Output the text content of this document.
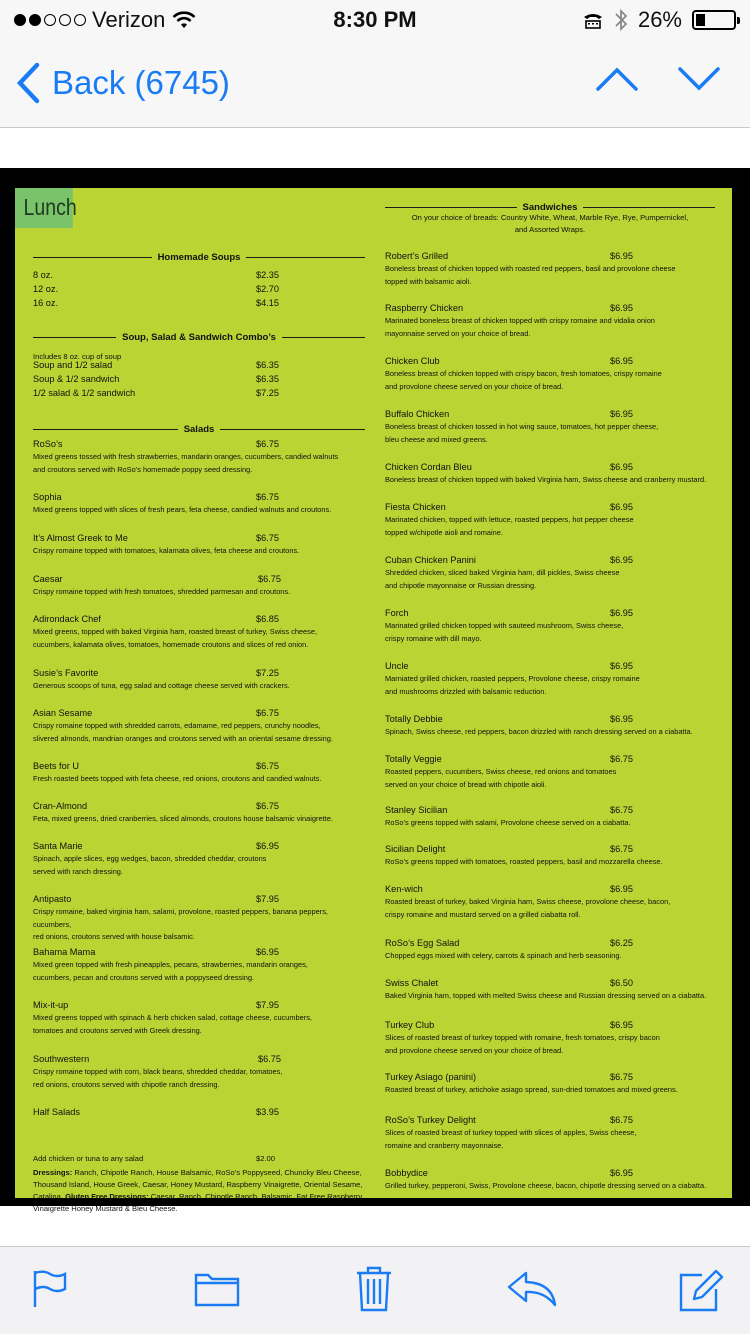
Verizon	8:30 PM	26%
Back (6745)
Lunch
Homemade Soups
8 oz.	$2.35
12 oz.	$2.70
16 oz.	$4.15
Soup, Salad & Sandwich Combo’s
Includes 8 oz. cup of soup
Soup and 1/2 salad	$6.35
Soup & 1/2 sandwich	$6.35
1/2 salad & 1/2 sandwich	$7.25
Salads
RoSo’s	$6.75
Mixed greens tossed with fresh strawberries, mandarin oranges, cucumbers, candied walnuts
and croutons served with RoSo’s homemade poppy seed dressing.
Sophia	$6.75
Mixed greens topped with slices of fresh pears, feta cheese, candied walnuts and croutons.
It’s Almost Greek to Me	$6.75
Crispy romaine topped with tomatoes, kalamata olives, feta cheese and croutons.
Caesar	$6.75
Crispy romaine topped with fresh tomatoes, shredded parmesan and croutons.
Adirondack Chef	$6.85
Mixed greens, topped with baked Virginia ham, roasted breast of turkey, Swiss cheese,
cucumbers, kalamata olives, tomatoes, homemade croutons and slices of red onion.
Susie’s Favorite	$7.25
Generous scoops of tuna, egg salad and cottage cheese served with crackers.
Asian Sesame	$6.75
Crispy romaine topped with shredded carrots, edamame, red peppers, crunchy noodles,
slivered almonds, mandrian oranges and croutons served with an oriental sesame dressing.
Beets for U	$6.75
Fresh roasted beets topped with feta cheese, red onions, croutons and candied walnuts.
Cran-Almond	$6.75
Feta, mixed greens, dried cranberries, sliced almonds, croutons house balsamic vinaigrette.
Santa Marie	$6.95
Spinach, apple slices, egg wedges, bacon, shredded cheddar, croutons
served with ranch dressing.
Antipasto	$7.95
Crispy romaine, baked virginia ham, salami, provolone, roasted peppers, banana peppers, cucumbers,
red onions, croutons served with house balsamic.
Bahama Mama	$6.95
Mixed green topped with fresh pineapples, pecans, strawberries, mandarin oranges,
cucumbers, pecan and croutons served with a poppyseed dressing.
Mix-it-up	$7.95
Mixed greens topped with spinach & herb chicken salad, cottage cheese, cucumbers,
tomatoes and croutons served with Greek dressing.
Southwestern	$6.75
Crispy romaine topped with corn, black beans, shredded cheddar, tomatoes,
red onions, croutons served with chipotle ranch dressing.
Half Salads	$3.95
Add chicken or tuna to any salad	$2.00
Dressings: Ranch, Chipotle Ranch, House Balsamic, RoSo’s Poppyseed, Chuncky Bleu Cheese,
Thousand Island, House Greek, Caesar, Honey Mustard, Raspberry Vinaigrette, Oriental Sesame,
Catalina. Gluten Free Dressings: Caesar, Ranch, Chipotle Ranch, Balsamic, Fat Free Raspberry
Vinaigrette Honey Mustard & Bleu Cheese.
Sandwiches
On your choice of breads: Country White, Wheat, Marble Rye, Rye, Pumpernickel,
and Assorted Wraps.
Robert’s Grilled	$6.95
Boneless breast of chicken topped with roasted red peppers, basil and provolone cheese
topped with balsamic aioli.
Raspberry Chicken	$6.95
Marinated boneless breast of chicken topped with crispy romaine and vidalia onion
mayonnaise served on your choice of bread.
Chicken Club	$6.95
Boneless breast of chicken topped with crispy bacon, fresh tomatoes, crispy romaine
and provolone cheese served on your choice of bread.
Buffalo Chicken	$6.95
Boneless breast of chicken tossed in hot wing sauce, tomatoes, hot pepper cheese,
bleu cheese and mixed greens.
Chicken Cordan Bleu	$6.95
Boneless breast of chicken topped with baked Virginia ham, Swiss cheese and cranberry mustard.
Fiesta Chicken	$6.95
Marinated chicken, topped with lettuce, roasted peppers, hot pepper cheese
topped w/chipotle aioli and romaine.
Cuban Chicken Panini	$6.95
Shredded chicken, sliced baked Virginia ham, dill pickles, Swiss cheese
and chipotle mayonnaise or Russian dressing.
Forch	$6.95
Marinated grilled chicken topped with sauteed mushroom, Swiss cheese,
crispy romaine with dill mayo.
Uncle	$6.95
Marniated grilled chicken, roasted peppers, Provolone cheese, crispy romaine
and mushrooms drizzled with balsamic reduction.
Totally Debbie	$6.95
Spinach, Swiss cheese, red peppers, bacon drizzled with ranch dressing served on a ciabatta.
Totally Veggie	$6.75
Roasted peppers, cucumbers, Swiss cheese, red onions and tomatoes
served on your choice of bread with chipotle aioli.
Stanley Sicilian	$6.75
RoSo’s greens topped with salami, Provolone cheese served on a ciabatta.
Sicilian Delight	$6.75
RoSo’s greens topped with tomatoes, roasted peppers, basil and mozzarella cheese.
Ken-wich	$6.95
Roasted breast of turkey, baked Virginia ham, Swiss cheese, provolone cheese, bacon,
crispy romaine and mustard served on a grilled ciabatta roll.
RoSo’s Egg Salad	$6.25
Chopped eggs mixed with celery, carrots & spinach and herb seasoning.
Swiss Chalet	$6.50
Baked Virginia ham, topped with melted Swiss cheese and Russian dressing served on a ciabatta.
Turkey Club	$6.95
Slices of roasted breast of turkey topped with romaine, fresh tomatoes, crispy bacon
and provolone cheese served on your choice of bread.
Turkey Asiago (panini)	$6.75
Roasted breast of turkey, artichoke asiago spread, sun-dried tomatoes and mixed greens.
RoSo’s Turkey Delight	$6.75
Slices of roasted breast of turkey topped with slices of apples, Swiss cheese,
romaine and cranberry mayonnaise.
Bobbydice	$6.95
Grilled turkey, pepperoni, Swiss, Provolone cheese, bacon, chipotle dressing served on a ciabatta.
